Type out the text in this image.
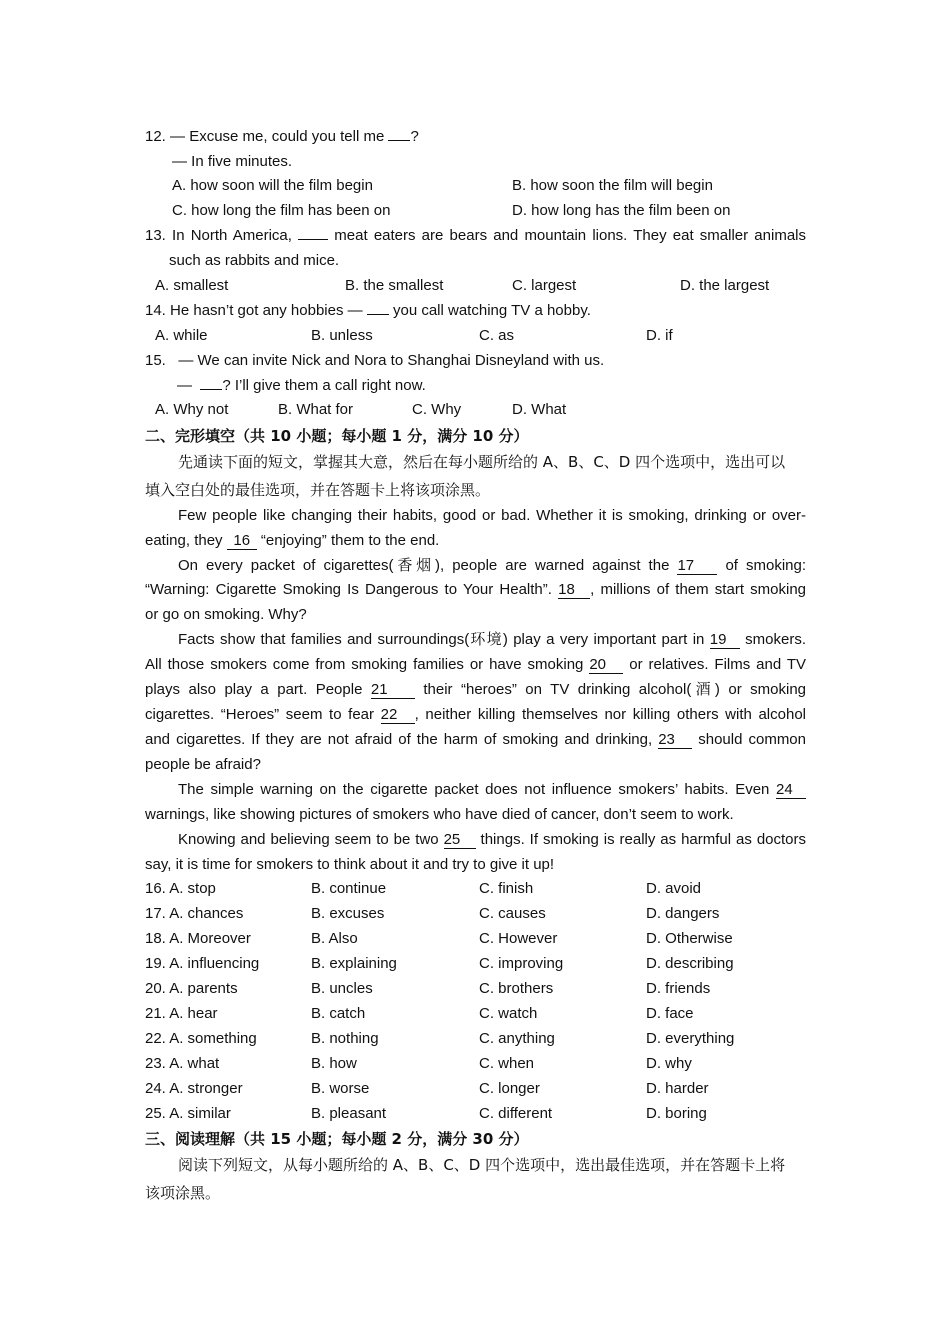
12. — Excuse me, could you tell me ?
— In five minutes.
A. how soon will the film begin	B. how soon the film will begin
C. how long the film has been on	D. how long has the film been on
13. In North America,	meat eaters are bears and mountain lions. They eat smaller animals
such as rabbits and mice.
A. smallest	B. the smallest	C. largest	D. the largest
14. He hasn’t got any hobbies — you call watching TV a hobby.
A. while	B. unless	C. as	D. if
15. — We can invite Nick and Nora to Shanghai Disneyland with us.
— ? I’ll give them a call right now.
A. Why not	B. What for	C. Why	D. What
二、完形填空（共 10 小题；每小题 1 分，满分 10 分）
先通读下面的短文，掌握其大意，然后在每小题所给的 A、B、C、D 四个选项中，选出可以
填入空白处的最佳选项，并在答题卡上将该项涂黑。
Few people like changing their habits, good or bad. Whether it is smoking, drinking or over-
eating, they 16 “enjoying” them to the end.
On every packet of cigarettes(香烟), people are warned against the 17 of smoking:
“Warning: Cigarette Smoking Is Dangerous to Your Health”. 18 , millions of them start smoking
or go on smoking. Why?
Facts show that families and surroundings(环境) play a very important part in 19 smokers.
All those smokers come from smoking families or have smoking 20 or relatives. Films and TV
plays also play a part. People 21 their “heroes” on TV drinking alcohol(酒) or smoking
cigarettes. “Heroes” seem to fear 22 , neither killing themselves nor killing others with alcohol
and cigarettes. If they are not afraid of the harm of smoking and drinking, 23 should common
people be afraid?
The simple warning on the cigarette packet does not influence smokers’ habits. Even 24
warnings, like showing pictures of smokers who have died of cancer, don’t seem to work.
Knowing and believing seem to be two 25 things. If smoking is really as harmful as doctors
say, it is time for smokers to think about it and try to give it up!
16. A. stop	B. continue	C. finish	D. avoid
17. A. chances	B. excuses	C. causes	D. dangers
18. A. Moreover	B. Also	C. However	D. Otherwise
19. A. influencing	B. explaining	C. improving	D. describing
20. A. parents	B. uncles	C. brothers	D. friends
21. A. hear	B. catch	C. watch	D. face
22. A. something	B. nothing	C. anything	D. everything
23. A. what	B. how	C. when	D. why
24. A. stronger	B. worse	C. longer	D. harder
25. A. similar	B. pleasant	C. different	D. boring
三、阅读理解（共 15 小题；每小题 2 分，满分 30 分）
阅读下列短文，从每小题所给的 A、B、C、D 四个选项中，选出最佳选项，并在答题卡上将
该项涂黑。
